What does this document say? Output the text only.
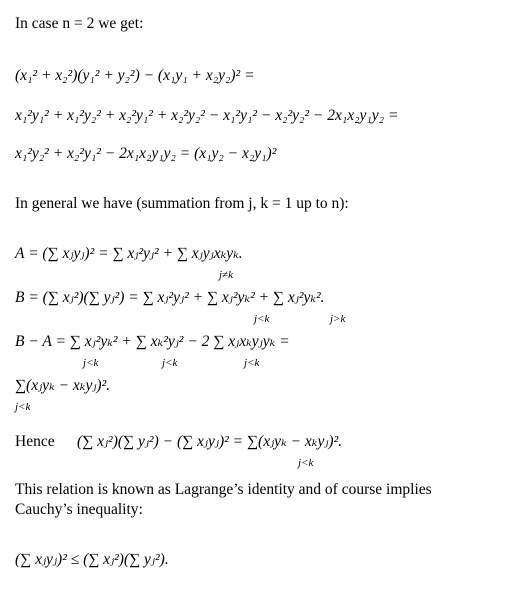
In case n = 2 we get:
(x₁² + x₂²)(y₁² + y₂²) − (x₁y₁ + x₂y₂)² =
x₁²y₁² + x₁²y₂² + x₂²y₁² + x₂²y₂² − x₁²y₁² − x₂²y₂² − 2x₁x₂y₁y₂ =
x₁²y₂² + x₂²y₁² − 2x₁x₂y₁y₂ = (x₁y₂ − x₂y₁)²
In general we have (summation from j, k = 1 up to n):
A = (∑ xⱼyⱼ)² = ∑ xⱼ²yⱼ² + ∑ xⱼyⱼxₖyₖ.
j≠k
B = (∑ xⱼ²)(∑ yⱼ²) = ∑ xⱼ²yⱼ² + ∑ xⱼ²yₖ² + ∑ xⱼ²yₖ².
j<k	j>k
B − A = ∑ xⱼ²yₖ² + ∑ xₖ²yⱼ² − 2 ∑ xⱼxₖyⱼyₖ =
j<k	j<k	j<k
∑(xⱼyₖ − xₖyⱼ)².
j<k
Hence (∑ xⱼ²)(∑ yⱼ²) − (∑ xⱼyⱼ)² = ∑(xⱼyₖ − xₖyⱼ)².
j<k
This relation is known as Lagrange’s identity and of course implies
Cauchy’s inequality:
(∑ xⱼyⱼ)² ≤ (∑ xⱼ²)(∑ yⱼ²).
